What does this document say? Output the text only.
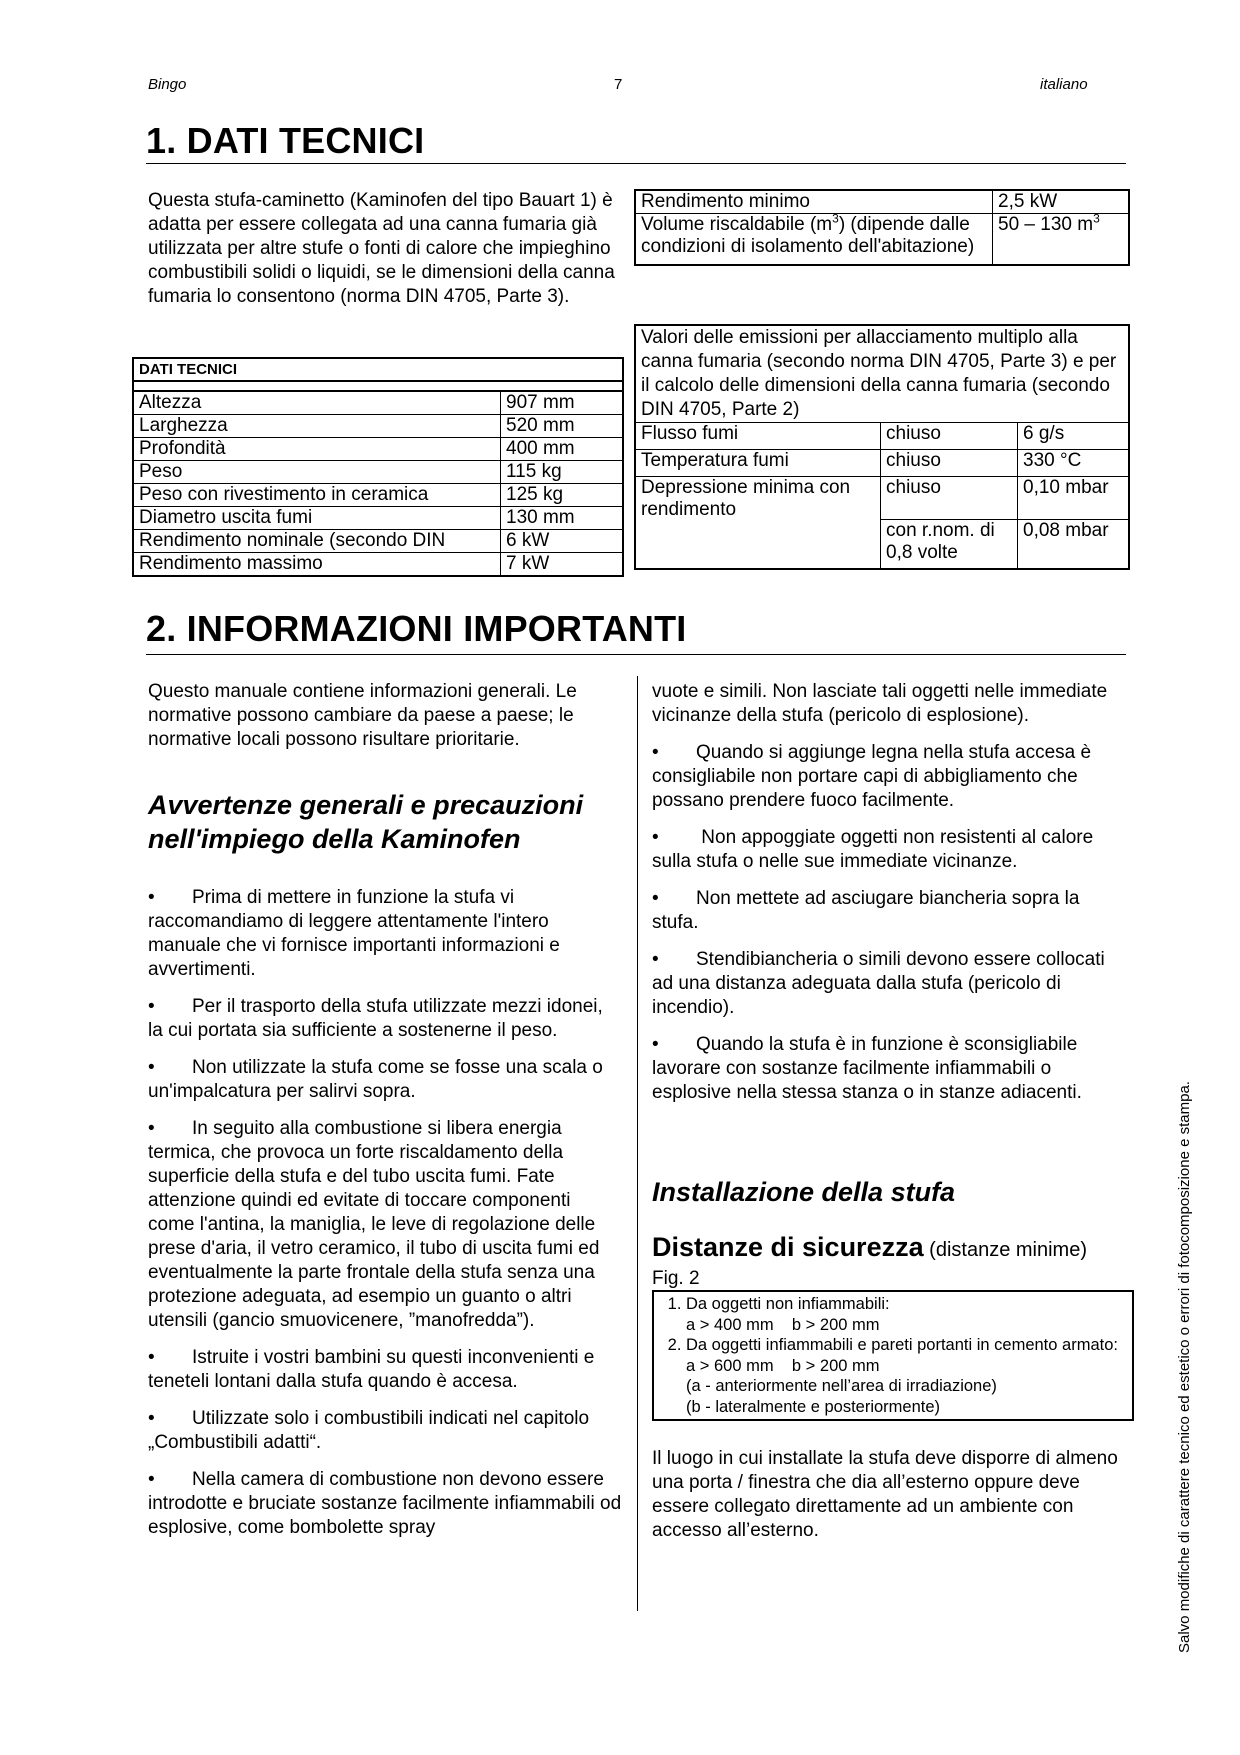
Bingo	7	italiano
1. DATI TECNICI
Questa stufa-caminetto (Kaminofen del tipo Bauart 1) è adatta per essere collegata ad una canna fumaria già utilizzata per altre stufe o fonti di calore che impieghino combustibili solidi o liquidi, se le dimensioni della canna fumaria lo consentono (norma DIN 4705, Parte 3).
DATI TECNICI
Altezza	907 mm
Larghezza	520 mm
Profondità	400 mm
Peso	115 kg
Peso con rivestimento in ceramica	125 kg
Diametro uscita fumi	130 mm
Rendimento nominale (secondo DIN	6 kW
Rendimento massimo	7 kW
Rendimento minimo	2,5 kW
Volume riscaldabile $(m^3)$ (dipende dalle condizioni di isolamento dell'abitazione)	50 – 130 $m^3$
Valori delle emissioni per allacciamento multiplo alla canna fumaria (secondo norma DIN 4705, Parte 3) e per il calcolo delle dimensioni della canna fumaria (secondo DIN 4705, Parte 2)
Flusso fumi	chiuso	6 g/s
Temperatura fumi	chiuso	330 °C
Depressione minima con rendimento	chiuso	0,10 mbar
	con r.nom. di 0,8 volte	0,08 mbar
2. INFORMAZIONI IMPORTANTI
Questo manuale contiene informazioni generali. Le normative possono cambiare da paese a paese; le normative locali possono risultare prioritarie.
Avvertenze generali e precauzioni nell'impiego della Kaminofen
• Prima di mettere in funzione la stufa vi raccomandiamo di leggere attentamente l'intero manuale che vi fornisce importanti informazioni e avvertimenti.
• Per il trasporto della stufa utilizzate mezzi idonei, la cui portata sia sufficiente a sostenerne il peso.
• Non utilizzate la stufa come se fosse una scala o un'impalcatura per salirvi sopra.
• In seguito alla combustione si libera energia termica, che provoca un forte riscaldamento della superficie della stufa e del tubo uscita fumi. Fate attenzione quindi ed evitate di toccare componenti come l'antina, la maniglia, le leve di regolazione delle prese d'aria, il vetro ceramico, il tubo di uscita fumi ed eventualmente la parte frontale della stufa senza una protezione adeguata, ad esempio un guanto o altri utensili (gancio smuovicenere, ”manofredda”).
• Istruite i vostri bambini su questi inconvenienti e teneteli lontani dalla stufa quando è accesa.
• Utilizzate solo i combustibili indicati nel capitolo „Combustibili adatti“.
• Nella camera di combustione non devono essere introdotte e bruciate sostanze facilmente infiammabili od esplosive, come bombolette spray
vuote e simili. Non lasciate tali oggetti nelle immediate vicinanze della stufa (pericolo di esplosione).
• Quando si aggiunge legna nella stufa accesa è consigliabile non portare capi di abbigliamento che possano prendere fuoco facilmente.
• Non appoggiate oggetti non resistenti al calore sulla stufa o nelle sue immediate vicinanze.
• Non mettete ad asciugare biancheria sopra la stufa.
• Stendibiancheria o simili devono essere collocati ad una distanza adeguata dalla stufa (pericolo di incendio).
• Quando la stufa è in funzione è sconsigliabile lavorare con sostanze facilmente infiammabili o esplosive nella stessa stanza o in stanze adiacenti.
Installazione della stufa
Distanze di sicurezza (distanze minime)
Fig. 2
1. Da oggetti non infiammabili:
a > 400 mm    b > 200 mm
2. Da oggetti infiammabili e pareti portanti in cemento armato:
a > 600 mm    b > 200 mm
(a - anteriormente nell’area di irradiazione)
(b - lateralmente e posteriormente)
Il luogo in cui installate la stufa deve disporre di almeno una porta / finestra che dia all’esterno oppure deve essere collegato direttamente ad un ambiente con accesso all’esterno.	Salvo modifiche di carattere tecnico ed estetico o errori di fotocomposizione e stampa.
